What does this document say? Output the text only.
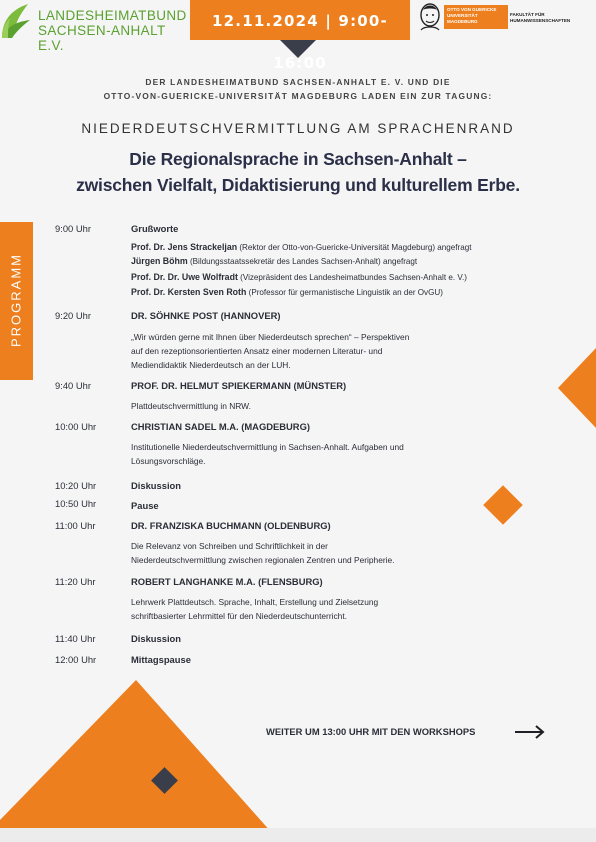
LANDESHEIMATBUND
SACHSEN-ANHALT E.V.
12.11.2024 | 9:00-16:00
OTTO VON GUERICKE
UNIVERSITÄT
MAGDEBURG
FAKULTÄT FÜR
HUMANWISSENSCHAFTEN
DER LANDESHEIMATBUND SACHSEN-ANHALT E. V. UND DIE
OTTO-VON-GUERICKE-UNIVERSITÄT MAGDEBURG LADEN EIN ZUR TAGUNG:
NIEDERDEUTSCHVERMITTLUNG AM SPRACHENRAND
Die Regionalsprache in Sachsen-Anhalt –
zwischen Vielfalt, Didaktisierung und kulturellem Erbe.
PROGRAMM
9:00 Uhr	Grußworte
Prof. Dr. Jens Strackeljan (Rektor der Otto-von-Guericke-Universität Magdeburg) angefragt
Jürgen Böhm (Bildungsstaatssekretär des Landes Sachsen-Anhalt) angefragt
Prof. Dr. Dr. Uwe Wolfradt (Vizepräsident des Landesheimatbundes Sachsen-Anhalt e. V.)
Prof. Dr. Kersten Sven Roth (Professor für germanistische Linguistik an der OvGU)
9:20 Uhr	DR. SÖHNKE POST (HANNOVER)
„Wir würden gerne mit Ihnen über Niederdeutsch sprechen“ – Perspektiven
auf den rezeptionsorientierten Ansatz einer modernen Literatur- und
Mediendidaktik Niederdeutsch an der LUH.
9:40 Uhr	PROF. DR. HELMUT SPIEKERMANN (MÜNSTER)
Plattdeutschvermittlung in NRW.
10:00 Uhr	CHRISTIAN SADEL M.A. (MAGDEBURG)
Institutionelle Niederdeutschvermittlung in Sachsen-Anhalt. Aufgaben und
Lösungsvorschläge.
10:20 Uhr	Diskussion
10:50 Uhr	Pause
11:00 Uhr	DR. FRANZISKA BUCHMANN (OLDENBURG)
Die Relevanz von Schreiben und Schriftlichkeit in der
Niederdeutschvermittlung zwischen regionalen Zentren und Peripherie.
11:20 Uhr	ROBERT LANGHANKE M.A. (FLENSBURG)
Lehrwerk Plattdeutsch. Sprache, Inhalt, Erstellung und Zielsetzung
schriftbasierter Lehrmittel für den Niederdeutschunterricht.
11:40 Uhr	Diskussion
12:00 Uhr	Mittagspause
WEITER UM 13:00 UHR MIT DEN WORKSHOPS
